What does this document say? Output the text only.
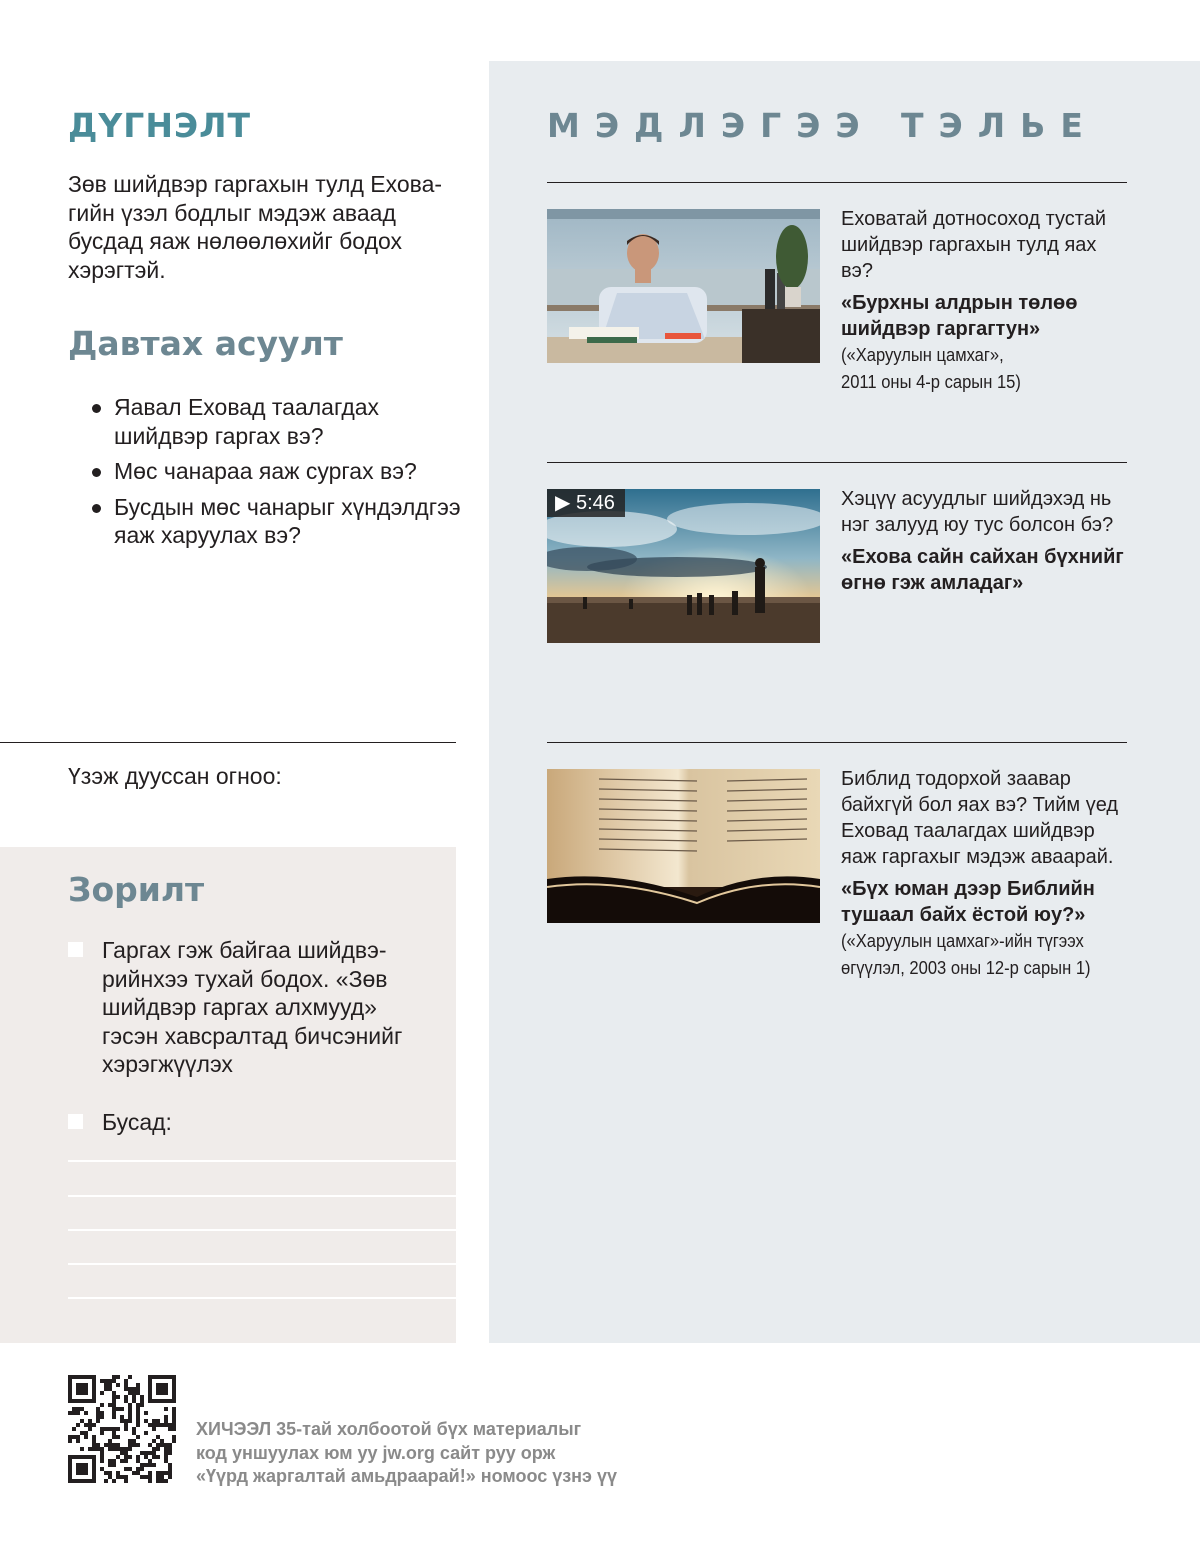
ДҮГНЭЛТ

Зөв шийдвэр гаргахын тулд Ехова-гийн үзэл бодлыг мэдэж аваад бусдад яаж нөлөөлөхийг бодох хэрэгтэй.

Давтах асуулт
Яавал Еховад таалагдах шийдвэр гаргах вэ?
Мөс чанараа яаж сургах вэ?
Бусдын мөс чанарыг хүндэлдгээ яаж харуулах вэ?
Үзэж дууссан огноо:
Зорилт
Гаргах гэж байгаа шийдвэ-рийнхээ тухай бодох. «Зөв шийдвэр гаргах алхмууд» гэсэн хавсралтад бичсэнийг хэрэгжүүлэх
Бусад:
МЭДЛЭГЭЭ ТЭЛЬЕ
Еховатай дотносоход тустай шийдвэр гаргахын тулд яах вэ?
«Бурхны алдрын төлөө шийдвэр гаргагтун»
(«Харуулын цамхаг»,
2011 оны 4-р сарын 15)
▶ 5:46	Хэцүү асуудлыг шийдэхэд нь нэг залууд юу тус болсон бэ?
«Ехова сайн сайхан бүхнийг өгнө гэж амладаг»
Библид тодорхой заавар байхгүй бол яах вэ? Тийм үед Еховад таалагдах шийдвэр яаж гаргахыг мэдэж аваарай.
«Бүх юман дээр Библийн тушаал байх ёстой юу?»
(«Харуулын цамхаг»-ийн түгээх
өгүүлэл, 2003 оны 12-р сарын 1)
ХИЧЭЭЛ 35-тай холбоотой бүх материалыг
код уншуулах юм уу jw.org сайт руу орж
«Үүрд жаргалтай амьдраарай!» номоос үзнэ үү
